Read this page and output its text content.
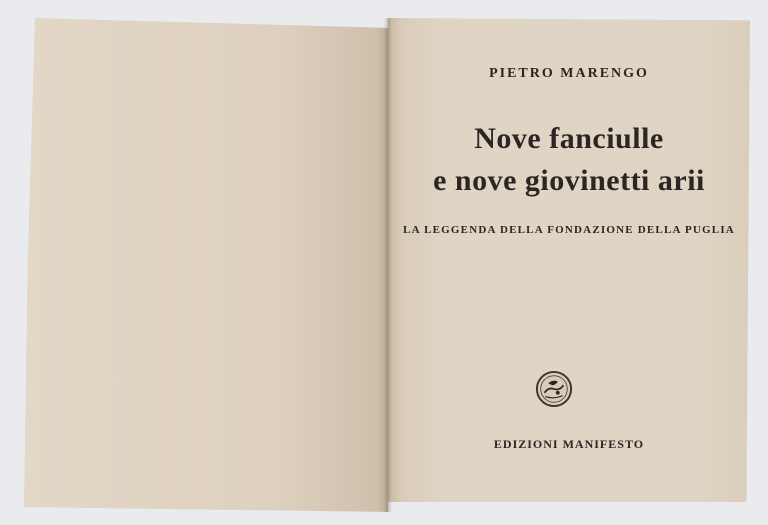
PIETRO MARENGO
Nove fanciulle
e nove giovinetti arii
LA LEGGENDA DELLA FONDAZIONE DELLA PUGLIA
EDIZIONI MANIFESTO
